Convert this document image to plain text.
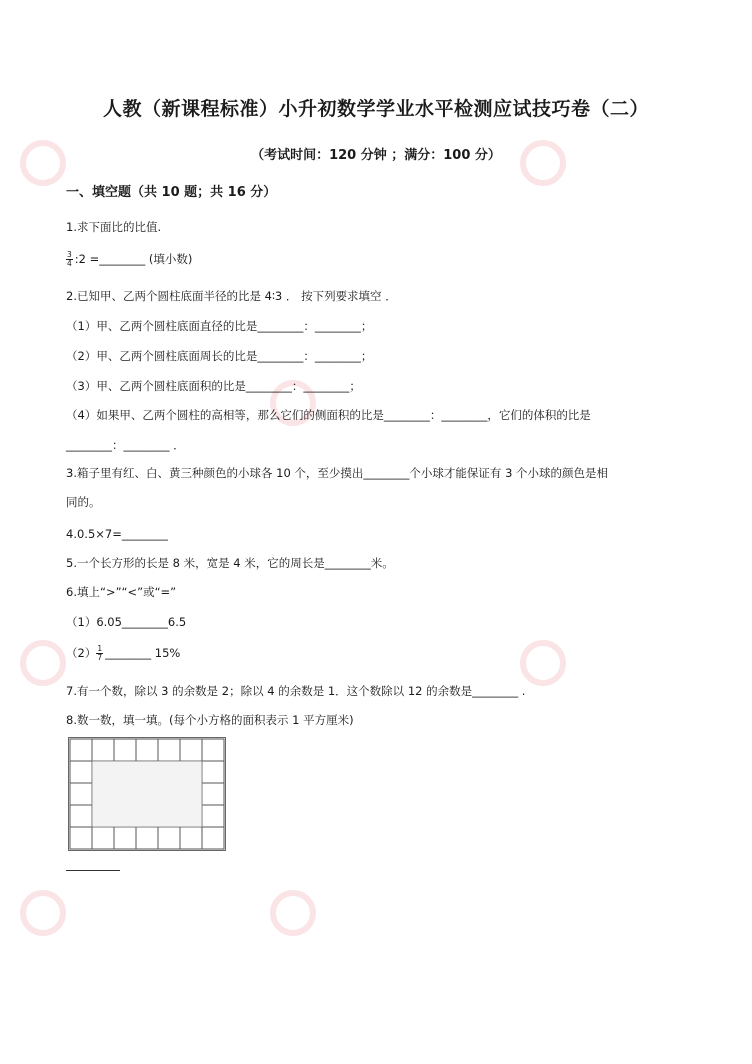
人教（新课程标准）小升初数学学业水平检测应试技巧卷（二）
（考试时间：120 分钟 ；满分：100 分）
一、填空题（共 10 题；共 16 分）
1.求下面比的比值.
$\frac{3}{4}$ :2 =________ (填小数)
2.已知甲、乙两个圆柱底面半径的比是 4∶3 ． 按下列要求填空 ．
（1）甲、乙两个圆柱底面直径的比是________：________；
（2）甲、乙两个圆柱底面周长的比是________：________；
（3）甲、乙两个圆柱底面积的比是________：________；
（4）如果甲、乙两个圆柱的高相等，那么它们的侧面积的比是________：________，它们的体积的比是
________：________ ．
3.箱子里有红、白、黄三种颜色的小球各 10 个，至少摸出________个小球才能保证有 3 个小球的颜色是相
同的。
4.0.5×7=________
5.一个长方形的长是 8 米，宽是 4 米，它的周长是________米。
6.填上“>”“<”或“=”
（1）6.05________6.5
$(2) \frac{1}{7}$ ________ 15%
7.有一个数，除以 3 的余数是 2；除以 4 的余数是 1．这个数除以 12 的余数是________ .
8.数一数，填一填。(每个小方格的面积表示 1 平方厘米)
